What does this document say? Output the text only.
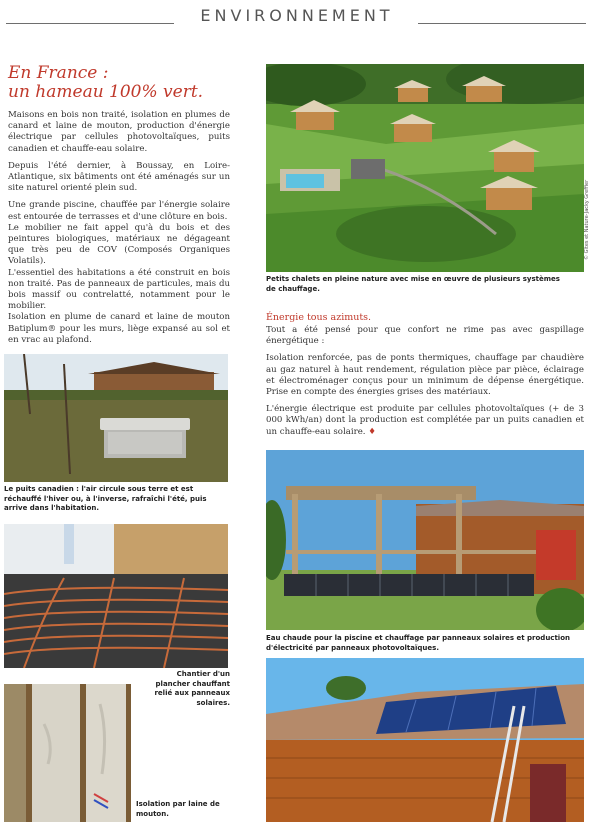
ENVIRONNEMENT
En France :
un hameau 100% vert.

Maisons en bois non traité, isolation en plumes de canard et laine de mouton, production d'énergie électrique par cellules photovoltaïques, puits canadien et chauffe-eau solaire.

Depuis l'été dernier, à Boussay, en Loire-Atlantique, six bâtiments ont été aménagés sur un site naturel orienté plein sud.

Une grande piscine, chauffée par l'énergie solaire est entourée de terrasses et d'une clôture en bois.

Le mobilier ne fait appel qu'à du bois et des peintures biologiques, matériaux ne dégageant que très peu de COV (Composés Organiques Volatils).

L'essentiel des habitations a été construit en bois non traité. Pas de panneaux de particules, mais du bois massif ou contrelatté, notamment pour le mobilier.

Isolation en plume de canard et laine de mouton Batiplum® pour les murs, liège expansé au sol et en vrac au plafond.

© Gîtes et Nature-Jacky Greffier
Petits chalets en pleine nature avec mise en œuvre de plusieurs systèmes de chauffage.
Énergie tous azimuts.

Tout a été pensé pour que confort ne rime pas avec gaspillage énergétique :

Isolation renforcée, pas de ponts thermiques, chauffage par chaudière au gaz naturel à haut rendement, régulation pièce par pièce, éclairage et électroménager conçus pour un minimum de dépense énergétique. Prise en compte des énergies grises des matériaux.

L'énergie électrique est produite par cellules photovoltaïques (+ de 3 000 kWh/an) dont la production est complétée par un puits canadien et un chauffe-eau solaire. ♦

Le puits canadien : l'air circule sous terre et est réchauffé l'hiver ou, à l'inverse, rafraîchi l'été, puis arrive dans l'habitation.
Chantier d'un plancher chauffant relié aux panneaux solaires.
Isolation par laine de mouton.
Eau chaude pour la piscine et chauffage par panneaux solaires et production d'électricité par panneaux photovoltaïques.
